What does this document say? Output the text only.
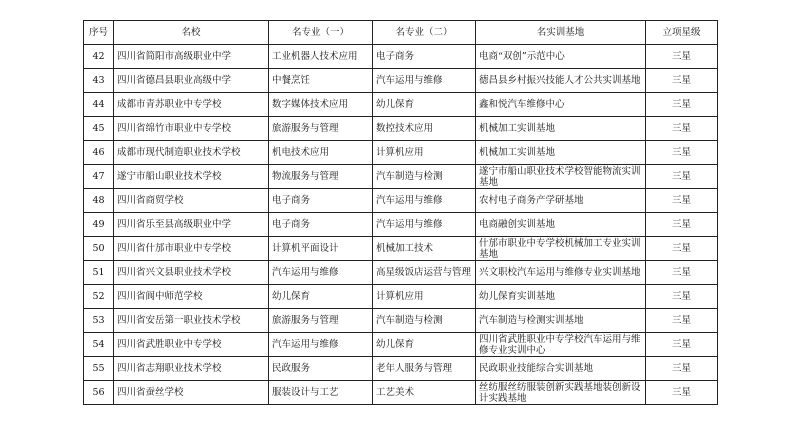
序号	名校	名专业（一）	名专业（二）	名实训基地	立项星级
42	四川省简阳市高级职业中学	工业机器人技术应用	电子商务	电商“双创”示范中心	三星
43	四川省德昌县职业高级中学	中餐烹饪	汽车运用与维修	德昌县乡村振兴技能人才公共实训基地	三星
44	成都市青苏职业中专学校	数字媒体技术应用	幼儿保育	鑫和悦汽车维修中心	三星
45	四川省绵竹市职业中专学校	旅游服务与管理	数控技术应用	机械加工实训基地	三星
46	成都市现代制造职业技术学校	机电技术应用	计算机应用	机械加工实训基地	三星
47	遂宁市船山职业技术学校	物流服务与管理	汽车制造与检测	遂宁市船山职业技术学校智能物流实训基地	三星
48	四川省商贸学校	电子商务	汽车运用与维修	农村电子商务产学研基地	三星
49	四川省乐至县高级职业中学	电子商务	汽车运用与维修	电商融创实训基地	三星
50	四川省什邡市职业中专学校	计算机平面设计	机械加工技术	什邡市职业中专学校机械加工专业实训基地	三星
51	四川省兴文县职业技术学校	汽车运用与维修	高星级饭店运营与管理	兴文职校汽车运用与维修专业实训基地	三星
52	四川省阆中师范学校	幼儿保育	计算机应用	幼儿保育实训基地	三星
53	四川省安岳第一职业技术学校	旅游服务与管理	汽车制造与检测	汽车制造与检测实训基地	三星
54	四川省武胜职业中专学校	汽车运用与维修	幼儿保育	四川省武胜职业中专学校汽车运用与维修专业实训中心	三星
55	四川省志翔职业技术学校	民政服务	老年人服务与管理	民政职业技能综合实训基地	三星
56	四川省蚕丝学校	服装设计与工艺	工艺美术	丝纺服丝纺服装创新实践基地装创新设计实践基地	三星
